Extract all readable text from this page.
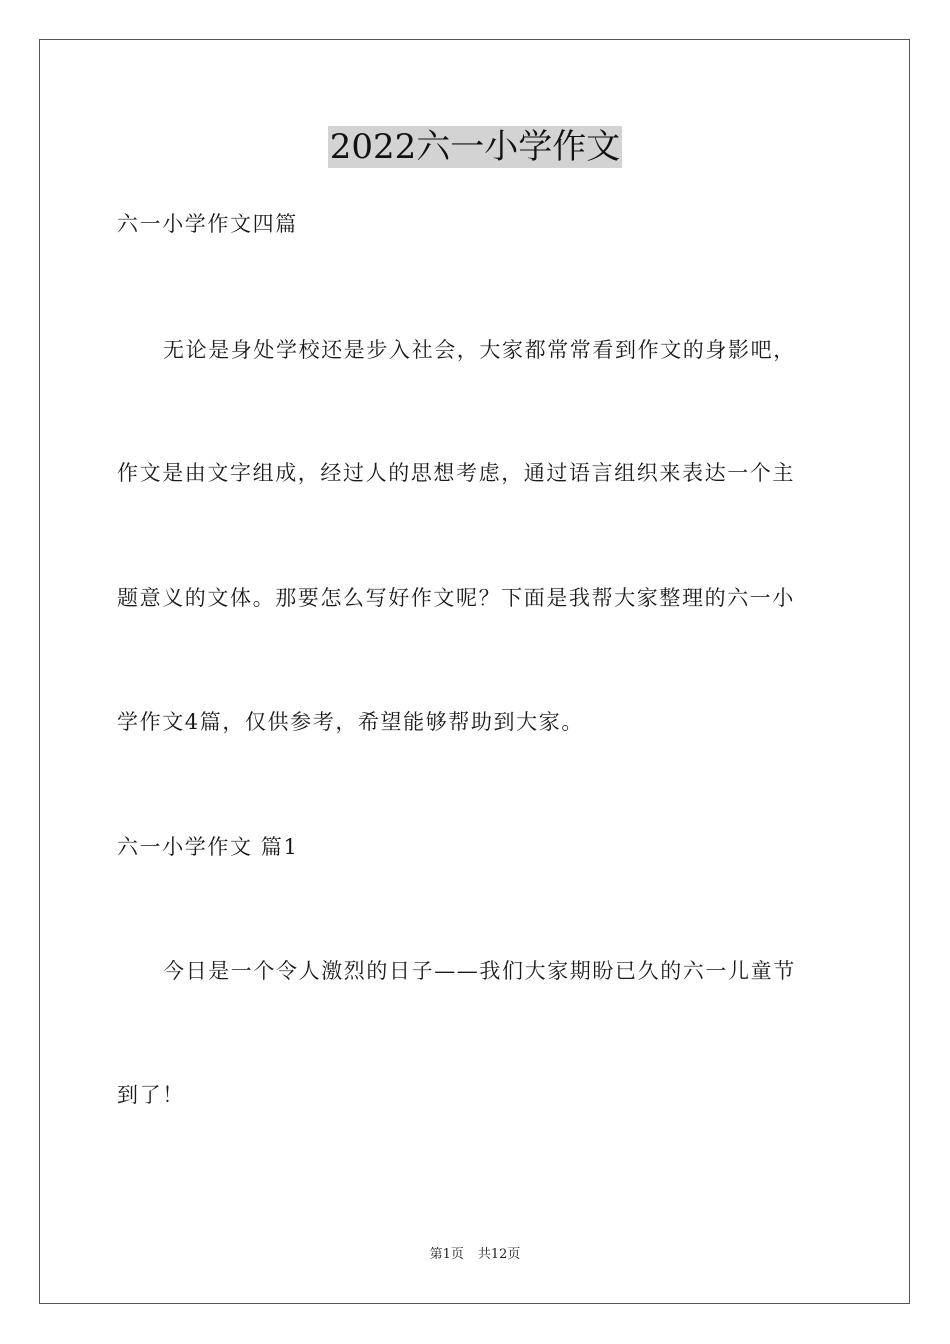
2022六一小学作文
六一小学作文四篇
无论是身处学校还是步入社会，大家都常常看到作文的身影吧，
作文是由文字组成，经过人的思想考虑，通过语言组织来表达一个主
题意义的文体。那要怎么写好作文呢？下面是我帮大家整理的六一小
学作文4篇，仅供参考，希望能够帮助到大家。
六一小学作文 篇1
今日是一个令人激烈的日子——我们大家期盼已久的六一儿童节
到了！
第1页 共12页
